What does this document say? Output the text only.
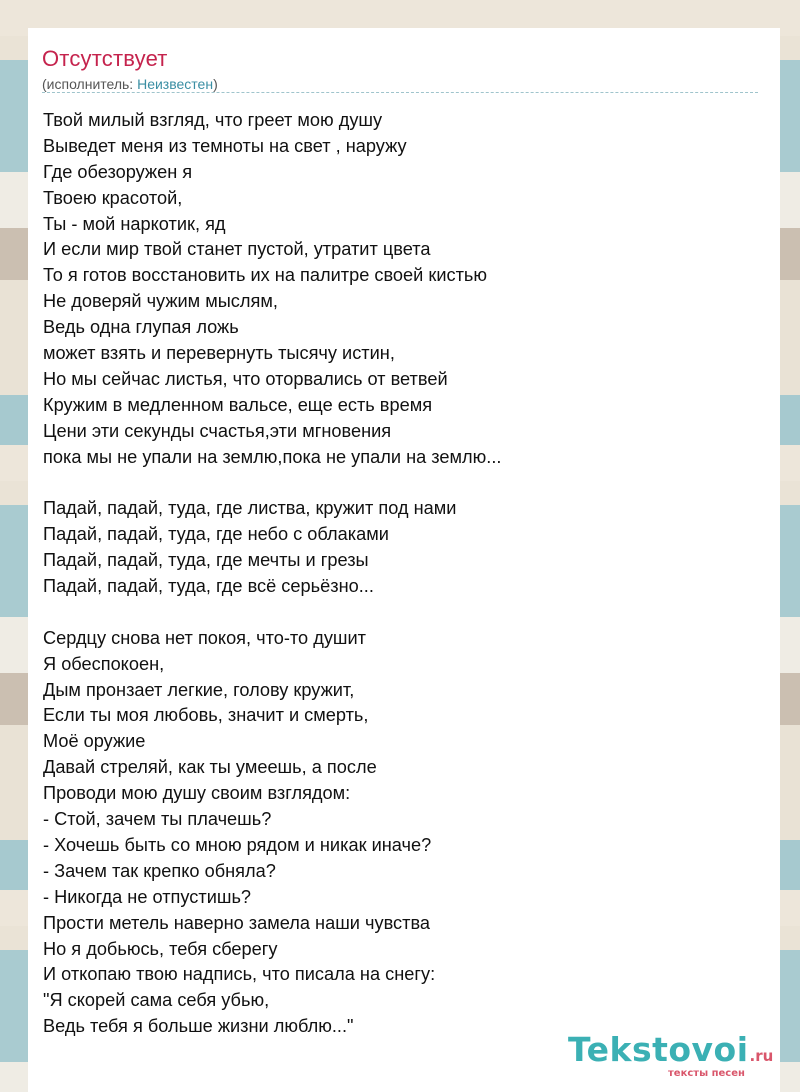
Отсутствует
(исполнитель: Неизвестен)
Твой милый взгляд, что греет мою душу
Выведет меня из темноты на свет , наружу
Где обезоружен я
Твоею красотой,
Ты - мой наркотик, яд
И если мир твой станет пустой, утратит цвета
То я готов восстановить их на палитре своей кистью
Не доверяй чужим мыслям,
Ведь одна глупая ложь
может взять и перевернуть тысячу истин,
Но мы сейчас листья, что оторвались от ветвей
Кружим в медленном вальсе, еще есть время
Цени эти секунды счастья,эти мгновения
пока мы не упали на землю,пока не упали на землю...
Падай, падай, туда, где листва, кружит под нами
Падай, падай, туда, где небо с облаками
Падай, падай, туда, где мечты и грезы
Падай, падай, туда, где всё серьёзно...
Сердцу снова нет покоя, что-то душит
Я обеспокоен,
Дым пронзает легкие, голову кружит,
Если ты моя любовь, значит и смерть,
Моё оружие
Давай стреляй, как ты умеешь, а после
Проводи мою душу своим взглядом:
- Стой, зачем ты плачешь?
- Хочешь быть со мною рядом и никак иначе?
- Зачем так крепко обняла?
- Никогда не отпустишь?
Прости метель наверно замела наши чувства
Но я добьюсь, тебя сберегу
И откопаю твою надпись, что писала на снегу:
"Я скорей сама себя убью,
Ведь тебя я больше жизни люблю..."
Tekstovoi.ru
тексты песен
